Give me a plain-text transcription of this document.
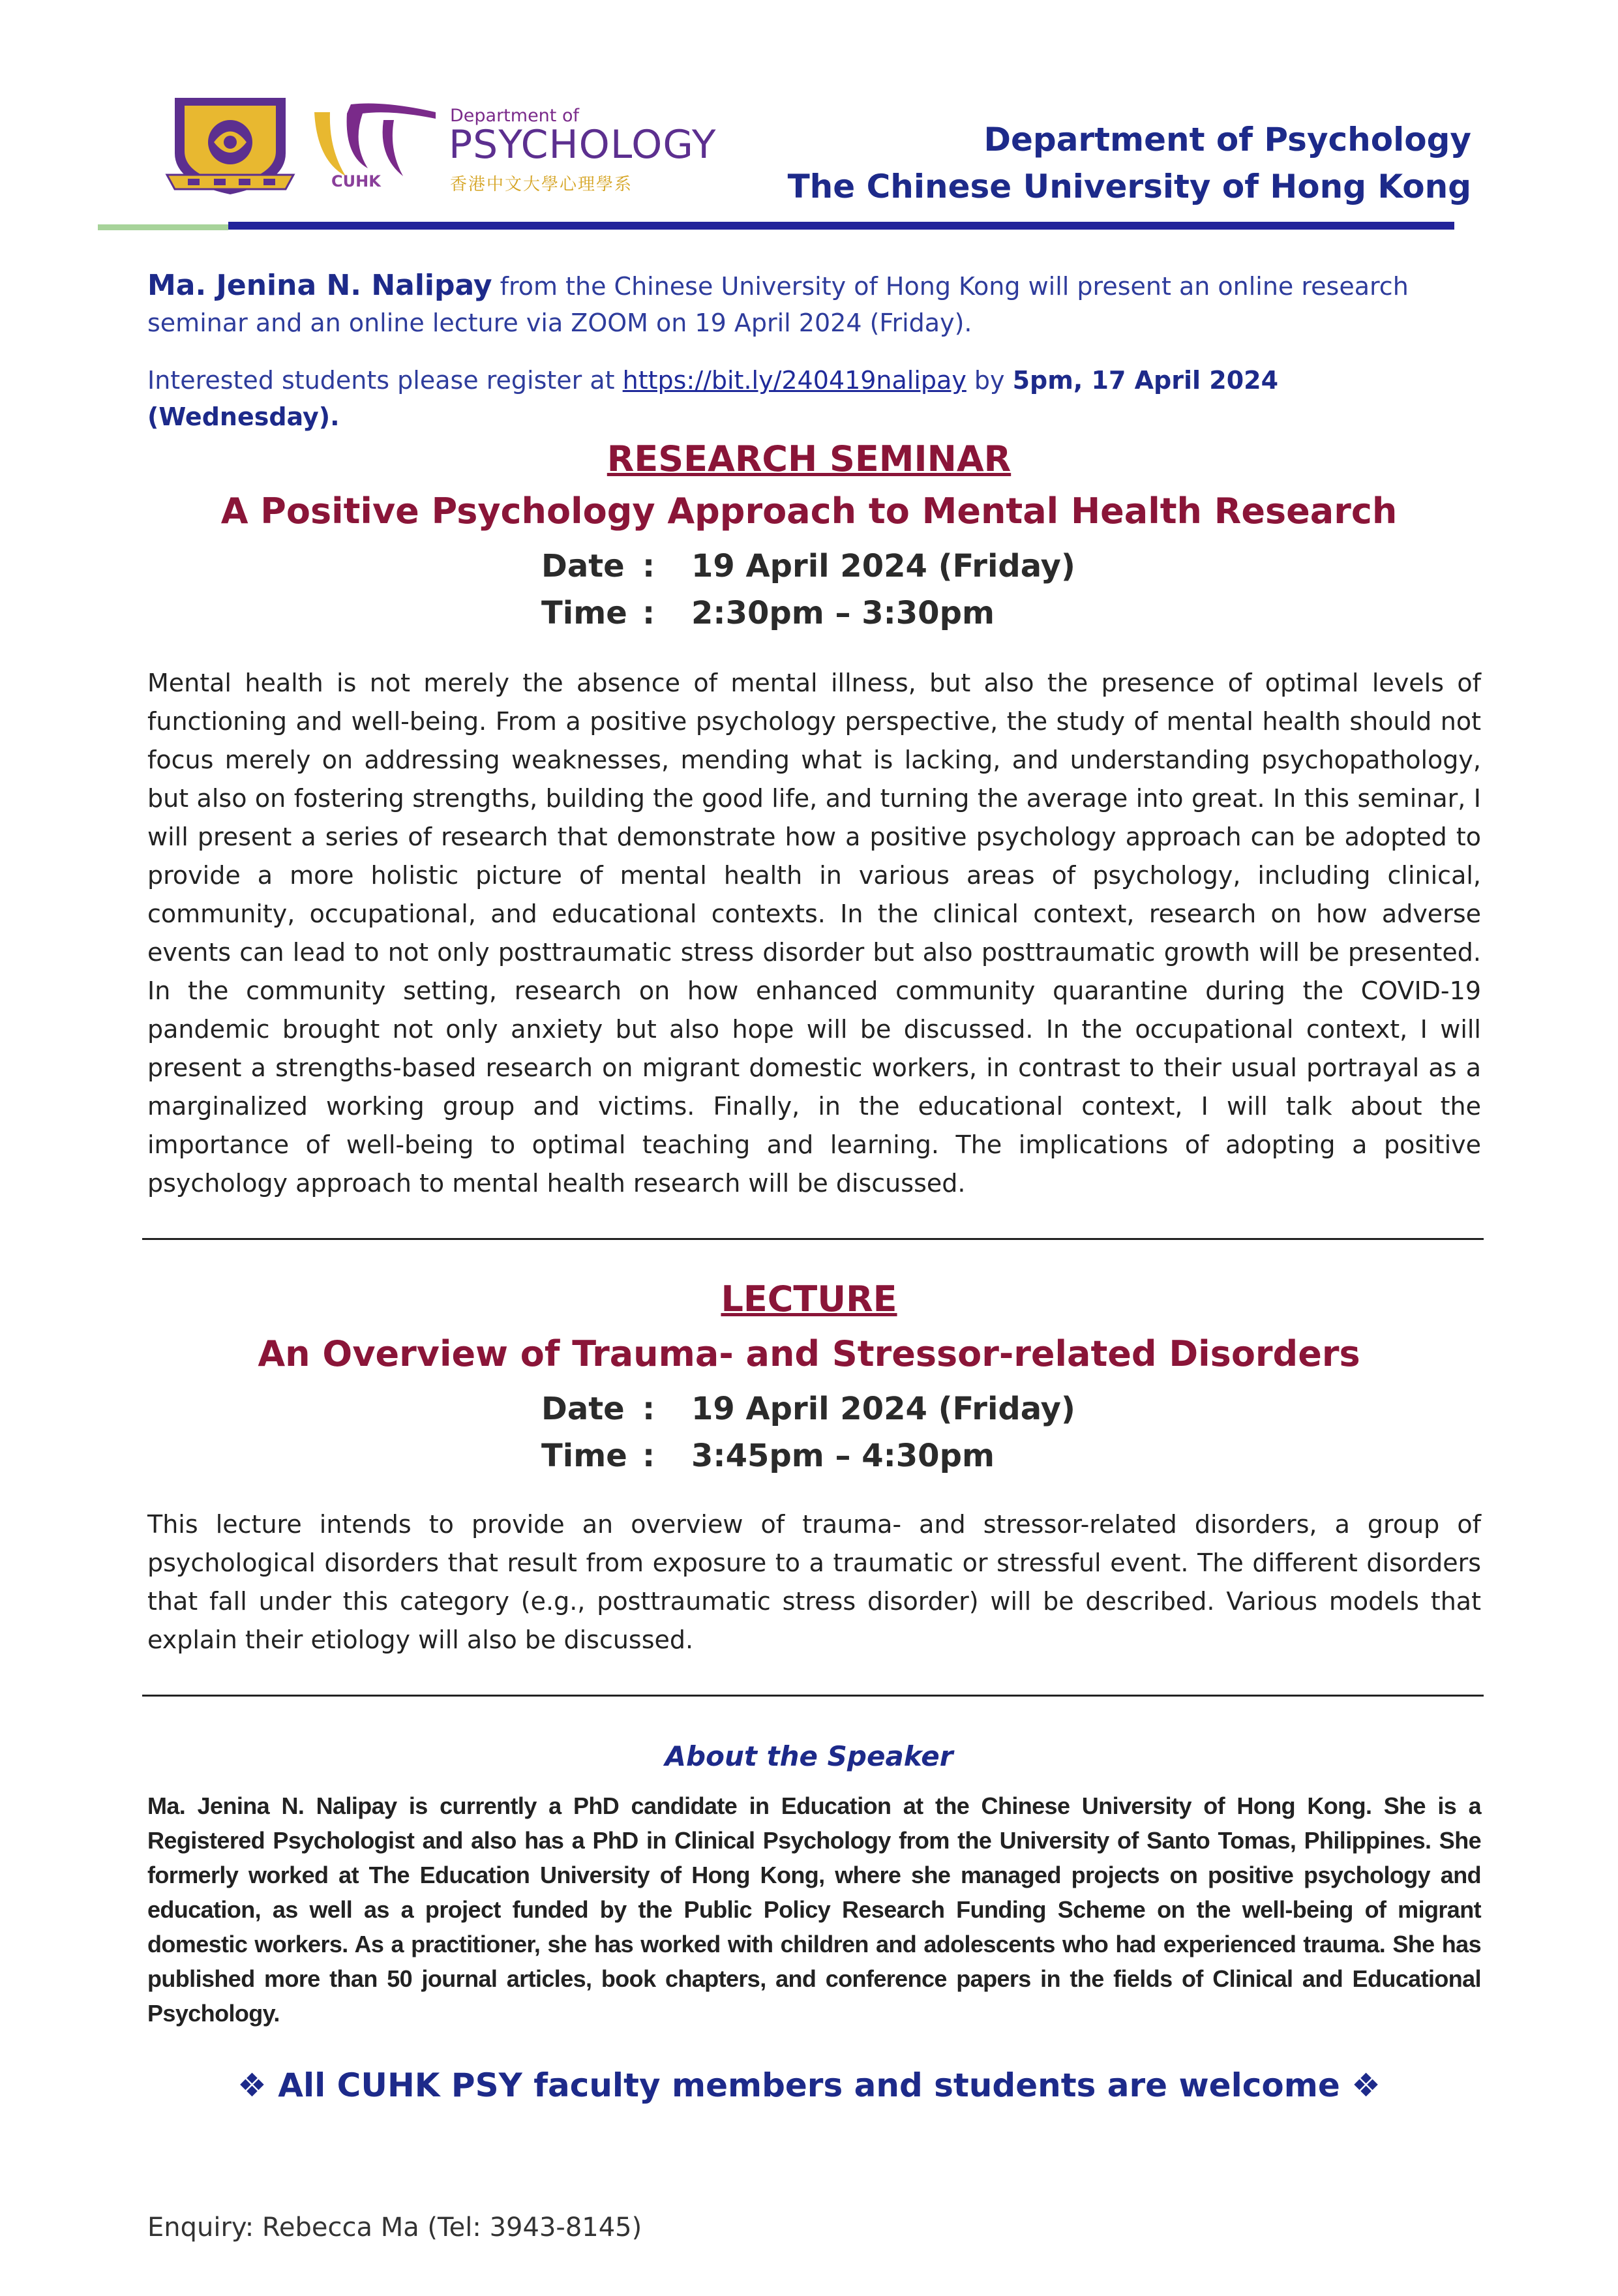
CUHK
Department of
PSYCHOLOGY
香港中文大學心理學系
Department of Psychology
The Chinese University of Hong Kong
Ma. Jenina N. Nalipay from the Chinese University of Hong Kong will present an online research seminar and an online lecture via ZOOM on 19 April 2024 (Friday).
Interested students please register at https://bit.ly/240419nalipay by 5pm, 17 April 2024 (Wednesday).
RESEARCH SEMINAR
A Positive Psychology Approach to Mental Health Research
Date : 19 April 2024 (Friday)
Time : 2:30pm – 3:30pm
Mental health is not merely the absence of mental illness, but also the presence of optimal levels of functioning and well-being. From a positive psychology perspective, the study of mental health should not focus merely on addressing weaknesses, mending what is lacking, and understanding psychopathology, but also on fostering strengths, building the good life, and turning the average into great. In this seminar, I will present a series of research that demonstrate how a positive psychology approach can be adopted to provide a more holistic picture of mental health in various areas of psychology, including clinical, community, occupational, and educational contexts. In the clinical context, research on how adverse events can lead to not only posttraumatic stress disorder but also posttraumatic growth will be presented. In the community setting, research on how enhanced community quarantine during the COVID-19 pandemic brought not only anxiety but also hope will be discussed. In the occupational context, I will present a strengths-based research on migrant domestic workers, in contrast to their usual portrayal as a marginalized working group and victims. Finally, in the educational context, I will talk about the importance of well-being to optimal teaching and learning. The implications of adopting a positive psychology approach to mental health research will be discussed.
LECTURE
An Overview of Trauma- and Stressor-related Disorders
Date : 19 April 2024 (Friday)
Time : 3:45pm – 4:30pm
This lecture intends to provide an overview of trauma- and stressor-related disorders, a group of psychological disorders that result from exposure to a traumatic or stressful event. The different disorders that fall under this category (e.g., posttraumatic stress disorder) will be described. Various models that explain their etiology will also be discussed.
About the Speaker
Ma. Jenina N. Nalipay is currently a PhD candidate in Education at the Chinese University of Hong Kong. She is a Registered Psychologist and also has a PhD in Clinical Psychology from the University of Santo Tomas, Philippines. She formerly worked at The Education University of Hong Kong, where she managed projects on positive psychology and education, as well as a project funded by the Public Policy Research Funding Scheme on the well-being of migrant domestic workers. As a practitioner, she has worked with children and adolescents who had experienced trauma. She has published more than 50 journal articles, book chapters, and conference papers in the fields of Clinical and Educational Psychology.
❖ All CUHK PSY faculty members and students are welcome ❖
Enquiry: Rebecca Ma (Tel: 3943-8145)
